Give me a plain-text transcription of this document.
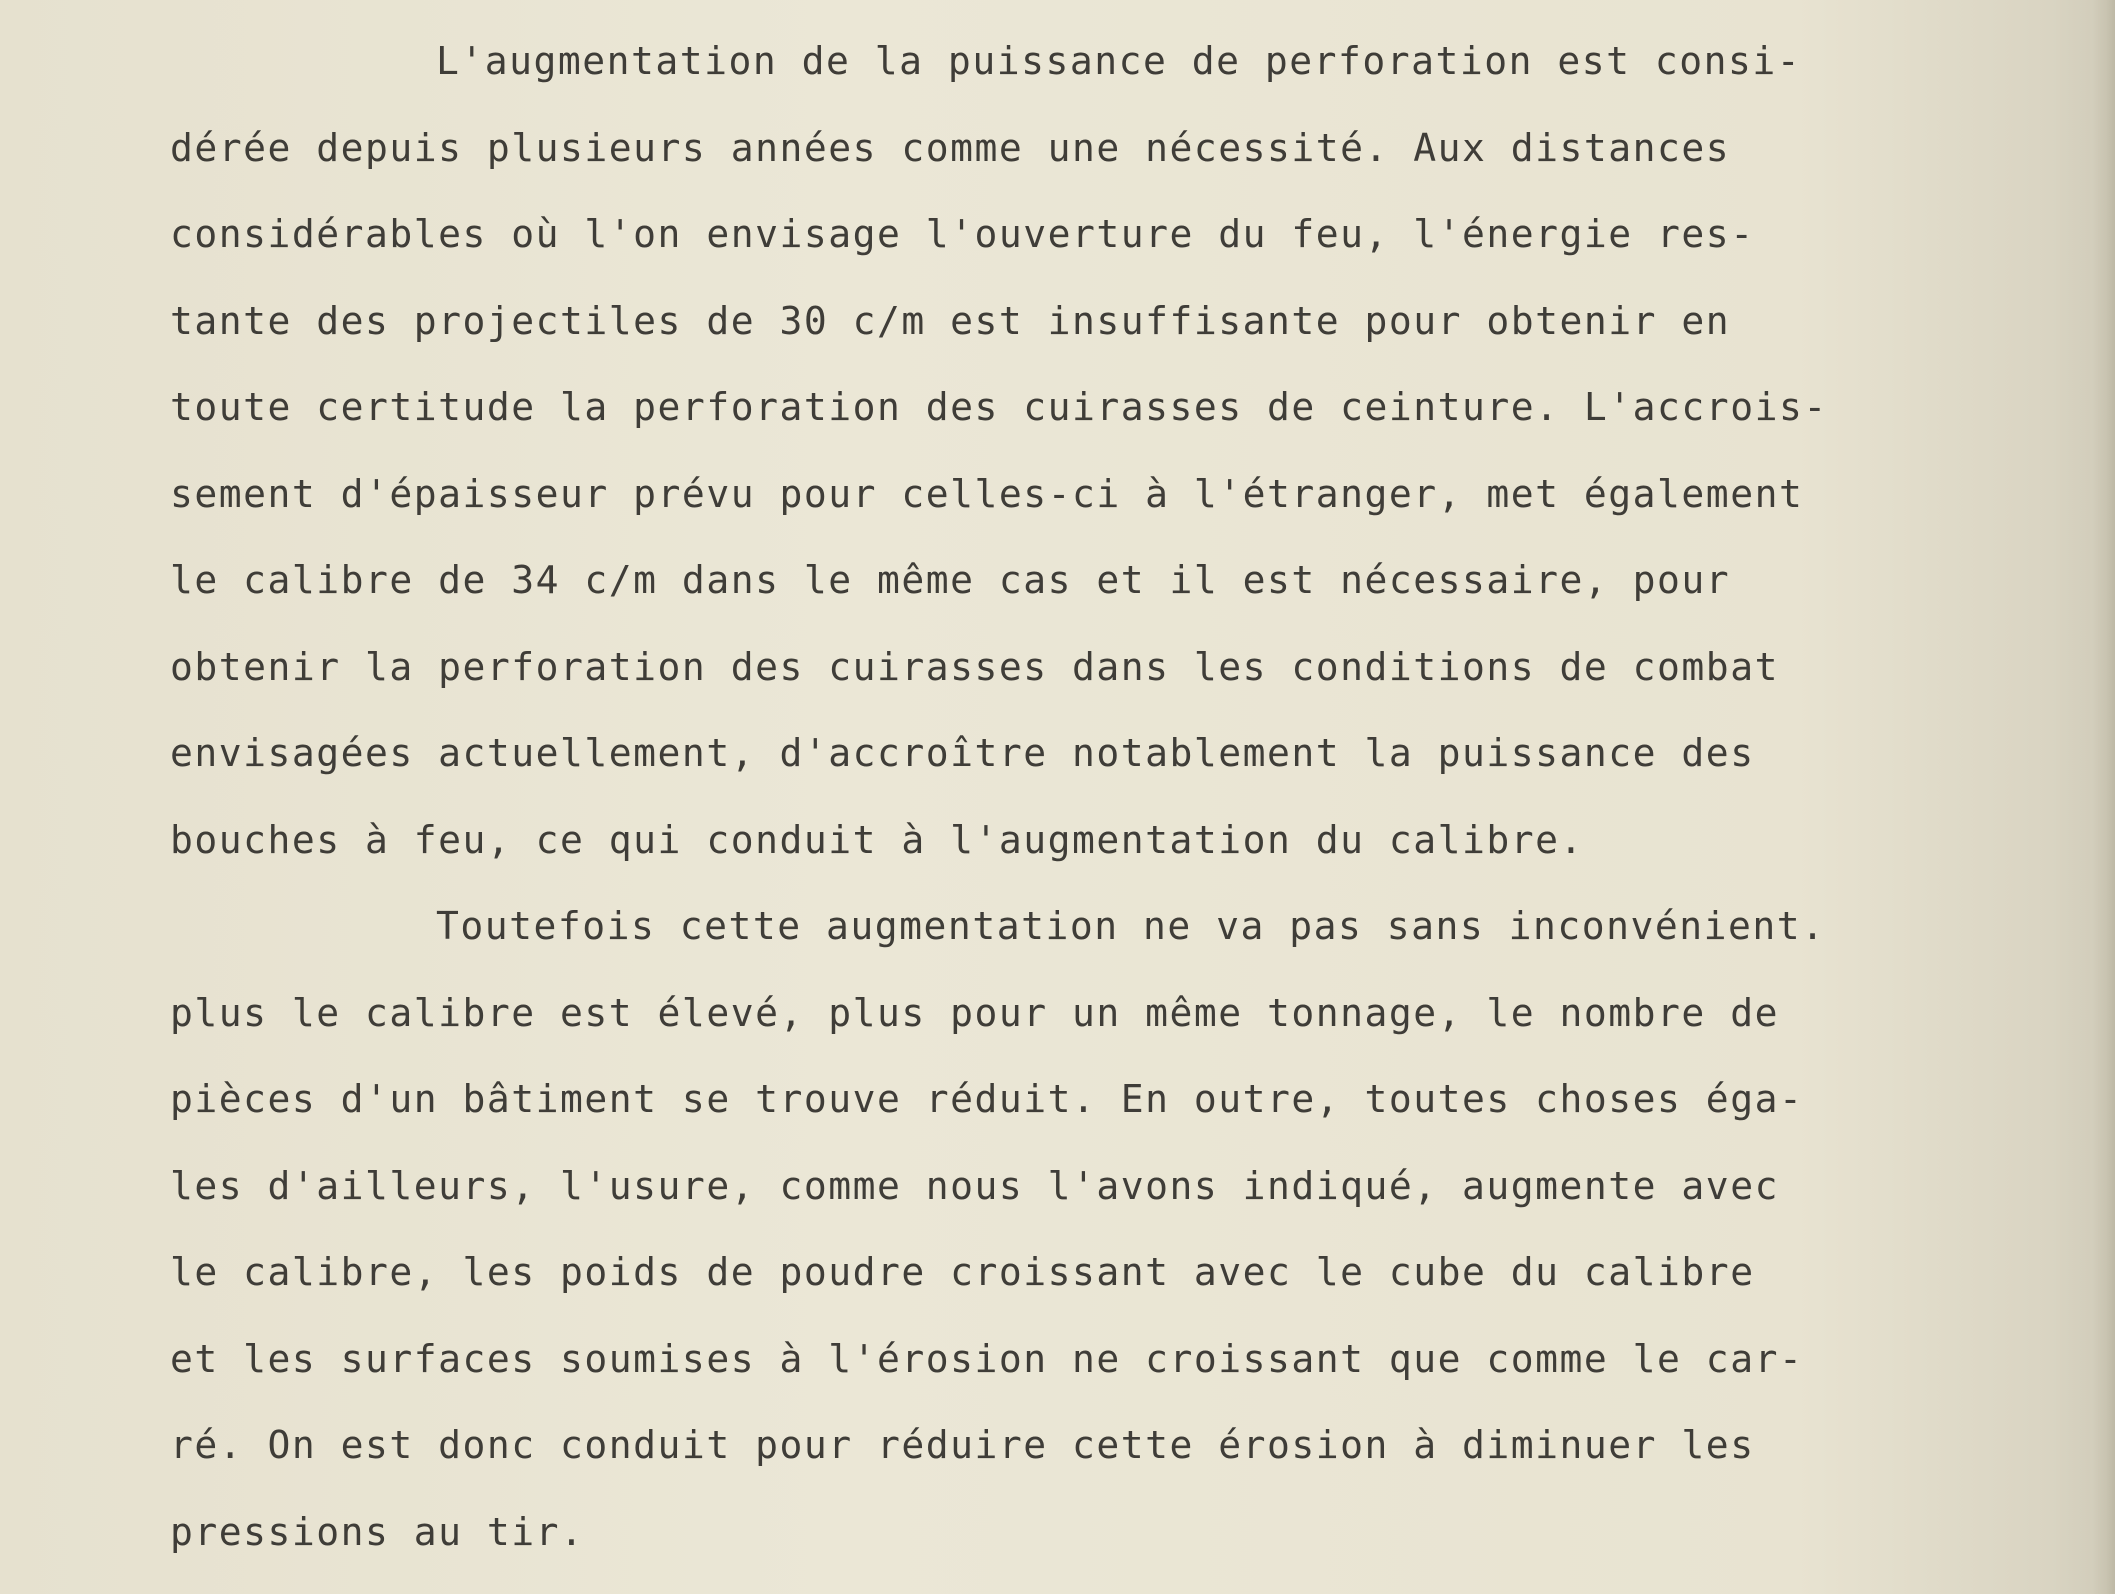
L'augmentation de la puissance de perforation est consi-
dérée depuis plusieurs années comme une nécessité. Aux distances
considérables où l'on envisage l'ouverture du feu, l'énergie res-
tante des projectiles de 30 c/m est insuffisante pour obtenir en
toute certitude la perforation des cuirasses de ceinture. L'accrois-
sement d'épaisseur prévu pour celles-ci à l'étranger, met également
le calibre de 34 c/m dans le même cas et il est nécessaire, pour
obtenir la perforation des cuirasses dans les conditions de combat
envisagées actuellement, d'accroître notablement la puissance des
bouches à feu, ce qui conduit à l'augmentation du calibre.
Toutefois cette augmentation ne va pas sans inconvénient.
plus le calibre est élevé, plus pour un même tonnage, le nombre de
pièces d'un bâtiment se trouve réduit. En outre, toutes choses éga-
les d'ailleurs, l'usure, comme nous l'avons indiqué, augmente avec
le calibre, les poids de poudre croissant avec le cube du calibre
et les surfaces soumises à l'érosion ne croissant que comme le car-
ré. On est donc conduit pour réduire cette érosion à diminuer les
pressions au tir.
